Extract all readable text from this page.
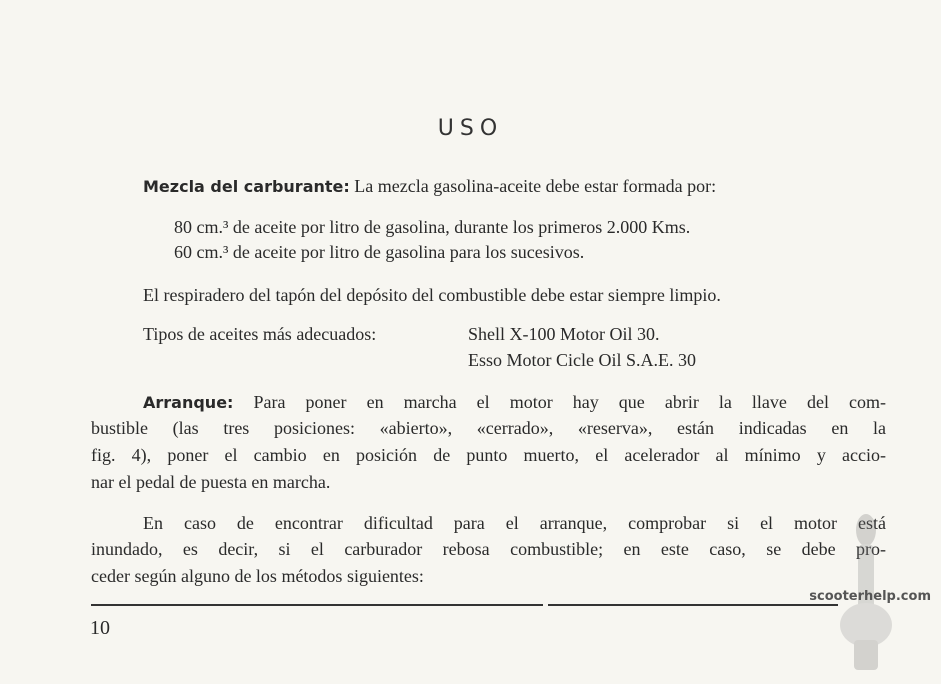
USO
Mezcla del carburante: La mezcla gasolina-aceite debe estar formada por:
80 cm.³ de aceite por litro de gasolina, durante los primeros 2.000 Kms.
60 cm.³ de aceite por litro de gasolina para los sucesivos.
El respiradero del tapón del depósito del combustible debe estar siempre limpio.
Tipos de aceites más adecuados:	Shell X-100 Motor Oil 30.
Esso Motor Cicle Oil S.A.E. 30
Arranque: Para poner en marcha el motor hay que abrir la llave del com-
bustible (las tres posiciones: «abierto», «cerrado», «reserva», están indicadas en la
fig. 4), poner el cambio en posición de punto muerto, el acelerador al mínimo y accio-
nar el pedal de puesta en marcha.
En caso de encontrar dificultad para el arranque, comprobar si el motor está
inundado, es decir, si el carburador rebosa combustible; en este caso, se debe pro-
ceder según alguno de los métodos siguientes:
10
scooterhelp.com
